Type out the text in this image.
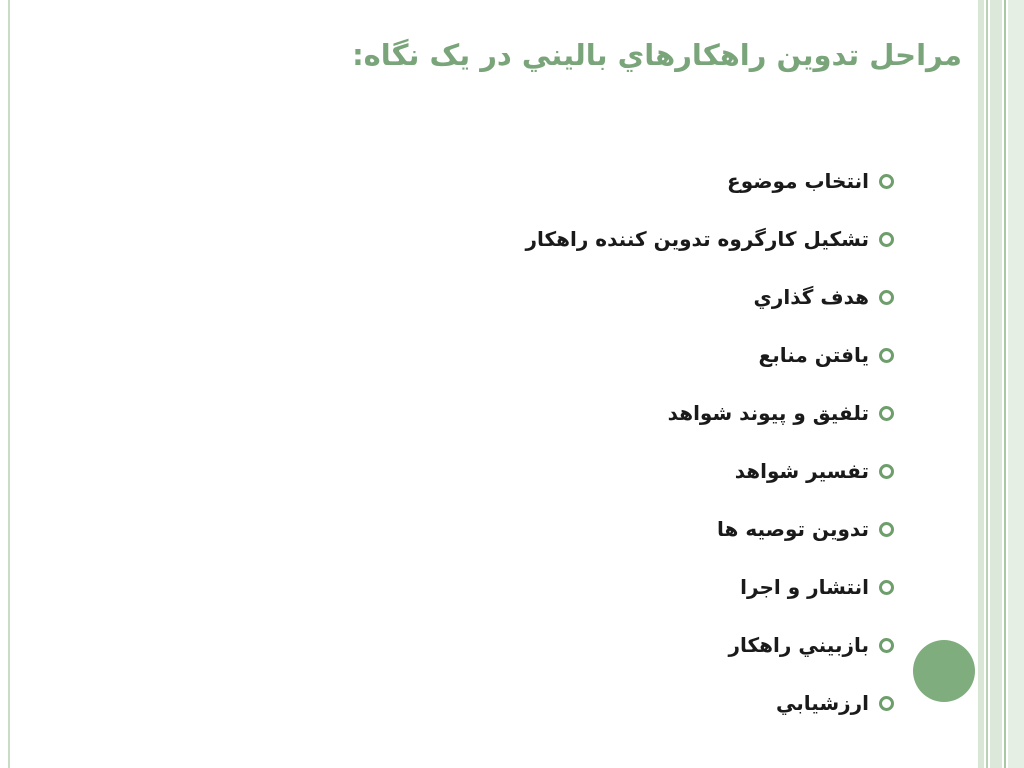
مراحل تدوين راهكارهاي باليني در يک نگاه:
انتخاب موضوع
تشكيل كارگروه تدوين كننده راهكار
هدف گذاري
يافتن منابع
تلفيق و پيوند شواهد
تفسير شواهد
تدوين توصيه ها
انتشار و اجرا
بازبيني راهكار
ارزشيابي
